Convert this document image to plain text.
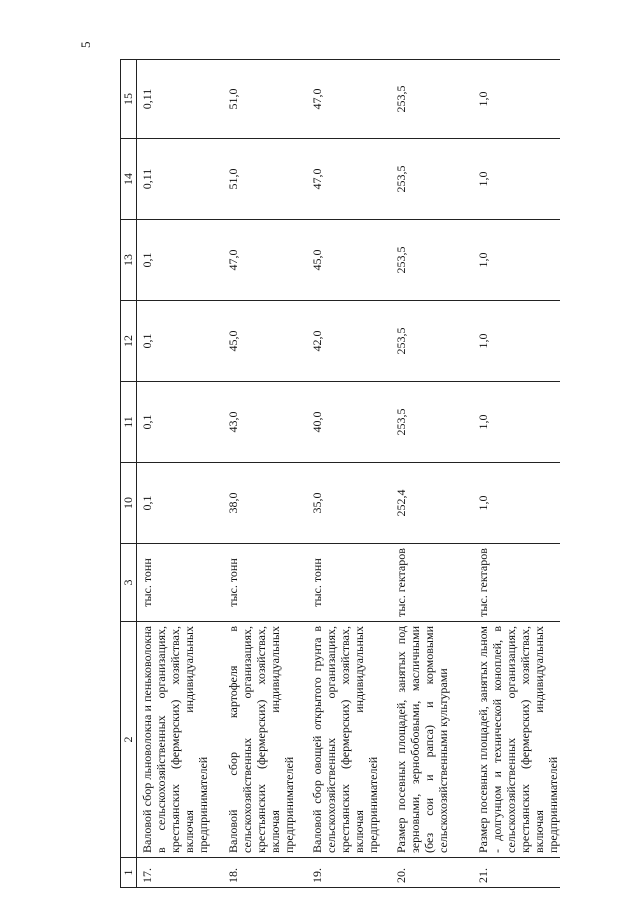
5
1	2	3	10	11	12	13	14	15
17.	Валовой сбор льноволокна и пеньковолокна в сельскохозяйственных организациях, крестьянских (фермерских) хозяйствах, включая индивидуальных предпринимателей	тыс. тонн	0,1	0,1	0,1	0,1	0,11	0,11
18.	Валовой сбор картофеля в сельскохозяйственных организациях, крестьянских (фермерских) хозяйствах, включая индивидуальных предпринимателей	тыс. тонн	38,0	43,0	45,0	47,0	51,0	51,0
19.	Валовой сбор овощей открытого грунта в сельскохозяйственных организациях, крестьянских (фермерских) хозяйствах, включая индивидуальных предпринимателей	тыс. тонн	35,0	40,0	42,0	45,0	47,0	47,0
20.	Размер посевных площадей, занятых под зерновыми, зернобобовыми, масличными (без сои и рапса) и кормовыми сельскохозяйственными культурами	тыс. гектаров	252,4	253,5	253,5	253,5	253,5	253,5
21.	Размер посевных площадей, занятых льном - долгунцом и технической коноплей, в сельскохозяйственных организациях, крестьянских (фермерских) хозяйствах, включая индивидуальных предпринимателей	тыс. гектаров	1,0	1,0	1,0	1,0	1,0	1,0
